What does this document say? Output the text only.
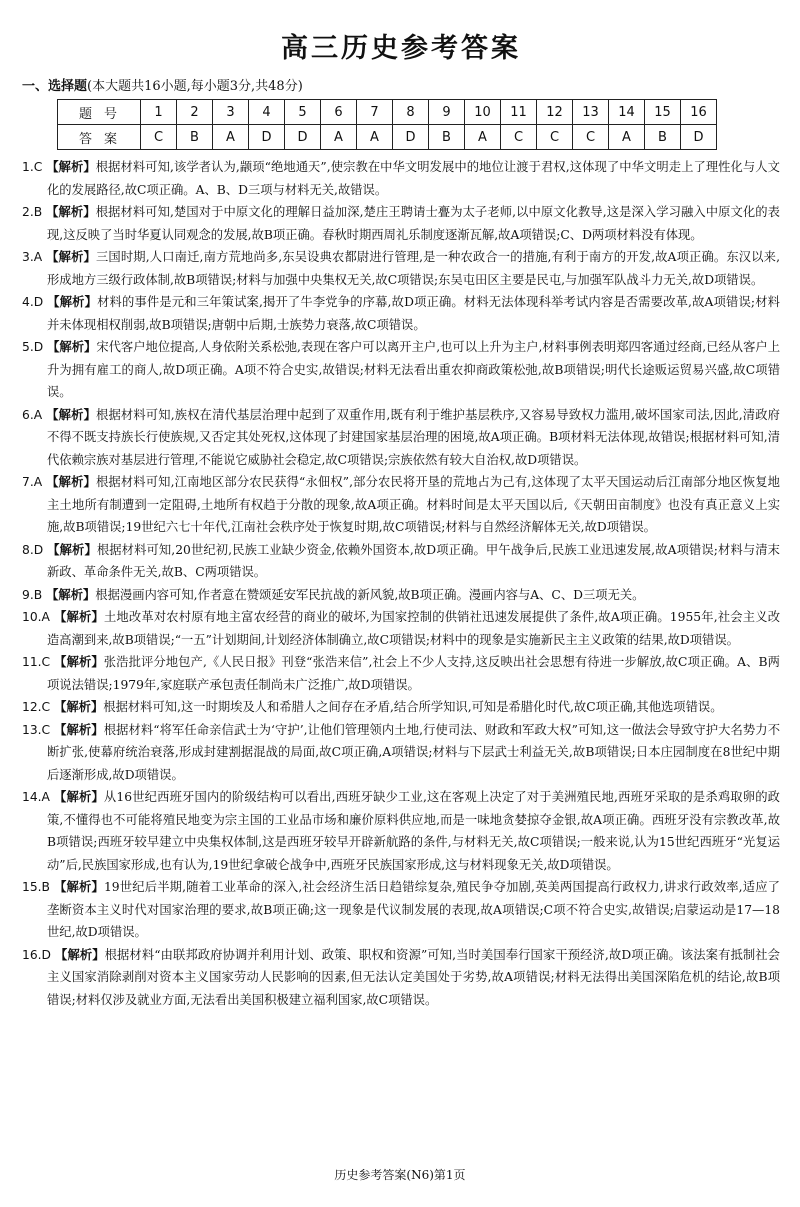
高三历史参考答案
一、选择题(本大题共16小题,每小题3分,共48分)
题号	1	2	3	4	5	6	7	8	9	10	11	12	13	14	15	16
答案	C	B	A	D	D	A	A	D	B	A	C	C	C	A	B	D

1.C 【解析】根据材料可知,该学者认为,颛顼“绝地通天”,使宗教在中华文明发展中的地位让渡于君权,这体现了中华文明走上了理性化与人文化的发展路径,故C项正确。A、B、D三项与材料无关,故错误。

2.B 【解析】根据材料可知,楚国对于中原文化的理解日益加深,楚庄王聘请士亹为太子老师,以中原文化教导,这是深入学习融入中原文化的表现,这反映了当时华夏认同观念的发展,故B项正确。春秋时期西周礼乐制度逐渐瓦解,故A项错误;C、D两项材料没有体现。

3.A 【解析】三国时期,人口南迁,南方荒地尚多,东吴设典农都尉进行管理,是一种农政合一的措施,有利于南方的开发,故A项正确。东汉以来,形成地方三级行政体制,故B项错误;材料与加强中央集权无关,故C项错误;东吴屯田区主要是民屯,与加强军队战斗力无关,故D项错误。

4.D 【解析】材料的事件是元和三年策试案,揭开了牛李党争的序幕,故D项正确。材料无法体现科举考试内容是否需要改革,故A项错误;材料并未体现相权削弱,故B项错误;唐朝中后期,士族势力衰落,故C项错误。

5.D 【解析】宋代客户地位提高,人身依附关系松弛,表现在客户可以离开主户,也可以上升为主户,材料事例表明郑四客通过经商,已经从客户上升为拥有雇工的商人,故D项正确。A项不符合史实,故错误;材料无法看出重农抑商政策松弛,故B项错误;明代长途贩运贸易兴盛,故C项错误。

6.A 【解析】根据材料可知,族权在清代基层治理中起到了双重作用,既有利于维护基层秩序,又容易导致权力滥用,破坏国家司法,因此,清政府不得不既支持族长行使族规,又否定其处死权,这体现了封建国家基层治理的困境,故A项正确。B项材料无法体现,故错误;根据材料可知,清代依赖宗族对基层进行管理,不能说它威胁社会稳定,故C项错误;宗族依然有较大自治权,故D项错误。

7.A 【解析】根据材料可知,江南地区部分农民获得“永佃权”,部分农民将开垦的荒地占为己有,这体现了太平天国运动后江南部分地区恢复地主土地所有制遭到一定阻碍,土地所有权趋于分散的现象,故A项正确。材料时间是太平天国以后,《天朝田亩制度》也没有真正意义上实施,故B项错误;19世纪六七十年代,江南社会秩序处于恢复时期,故C项错误;材料与自然经济解体无关,故D项错误。

8.D 【解析】根据材料可知,20世纪初,民族工业缺少资金,依赖外国资本,故D项正确。甲午战争后,民族工业迅速发展,故A项错误;材料与清末新政、革命条件无关,故B、C两项错误。

9.B 【解析】根据漫画内容可知,作者意在赞颂延安军民抗战的新风貌,故B项正确。漫画内容与A、C、D三项无关。

10.A 【解析】土地改革对农村原有地主富农经营的商业的破坏,为国家控制的供销社迅速发展提供了条件,故A项正确。1955年,社会主义改造高潮到来,故B项错误;“一五”计划期间,计划经济体制确立,故C项错误;材料中的现象是实施新民主主义政策的结果,故D项错误。

11.C 【解析】张浩批评分地包产,《人民日报》刊登“张浩来信”,社会上不少人支持,这反映出社会思想有待进一步解放,故C项正确。A、B两项说法错误;1979年,家庭联产承包责任制尚未广泛推广,故D项错误。

12.C 【解析】根据材料可知,这一时期埃及人和希腊人之间存在矛盾,结合所学知识,可知是希腊化时代,故C项正确,其他选项错误。

13.C 【解析】根据材料“将军任命亲信武士为‘守护’,让他们管理领内土地,行使司法、财政和军政大权”可知,这一做法会导致守护大名势力不断扩张,使幕府统治衰落,形成封建割据混战的局面,故C项正确,A项错误;材料与下层武士利益无关,故B项错误;日本庄园制度在8世纪中期后逐渐形成,故D项错误。

14.A 【解析】从16世纪西班牙国内的阶级结构可以看出,西班牙缺少工业,这在客观上决定了对于美洲殖民地,西班牙采取的是杀鸡取卵的政策,不懂得也不可能将殖民地变为宗主国的工业品市场和廉价原料供应地,而是一味地贪婪掠夺金银,故A项正确。西班牙没有宗教改革,故B项错误;西班牙较早建立中央集权体制,这是西班牙较早开辟新航路的条件,与材料无关,故C项错误;一般来说,认为15世纪西班牙“光复运动”后,民族国家形成,也有认为,19世纪拿破仑战争中,西班牙民族国家形成,这与材料现象无关,故D项错误。

15.B 【解析】19世纪后半期,随着工业革命的深入,社会经济生活日趋错综复杂,殖民争夺加剧,英美两国提高行政权力,讲求行政效率,适应了垄断资本主义时代对国家治理的要求,故B项正确;这一现象是代议制发展的表现,故A项错误;C项不符合史实,故错误;启蒙运动是17—18世纪,故D项错误。

16.D 【解析】根据材料“由联邦政府协调并利用计划、政策、职权和资源”可知,当时美国奉行国家干预经济,故D项正确。该法案有抵制社会主义国家消除剥削对资本主义国家劳动人民影响的因素,但无法认定美国处于劣势,故A项错误;材料无法得出美国深陷危机的结论,故B项错误;材料仅涉及就业方面,无法看出美国积极建立福利国家,故C项错误。

历史参考答案(N6)第1页
